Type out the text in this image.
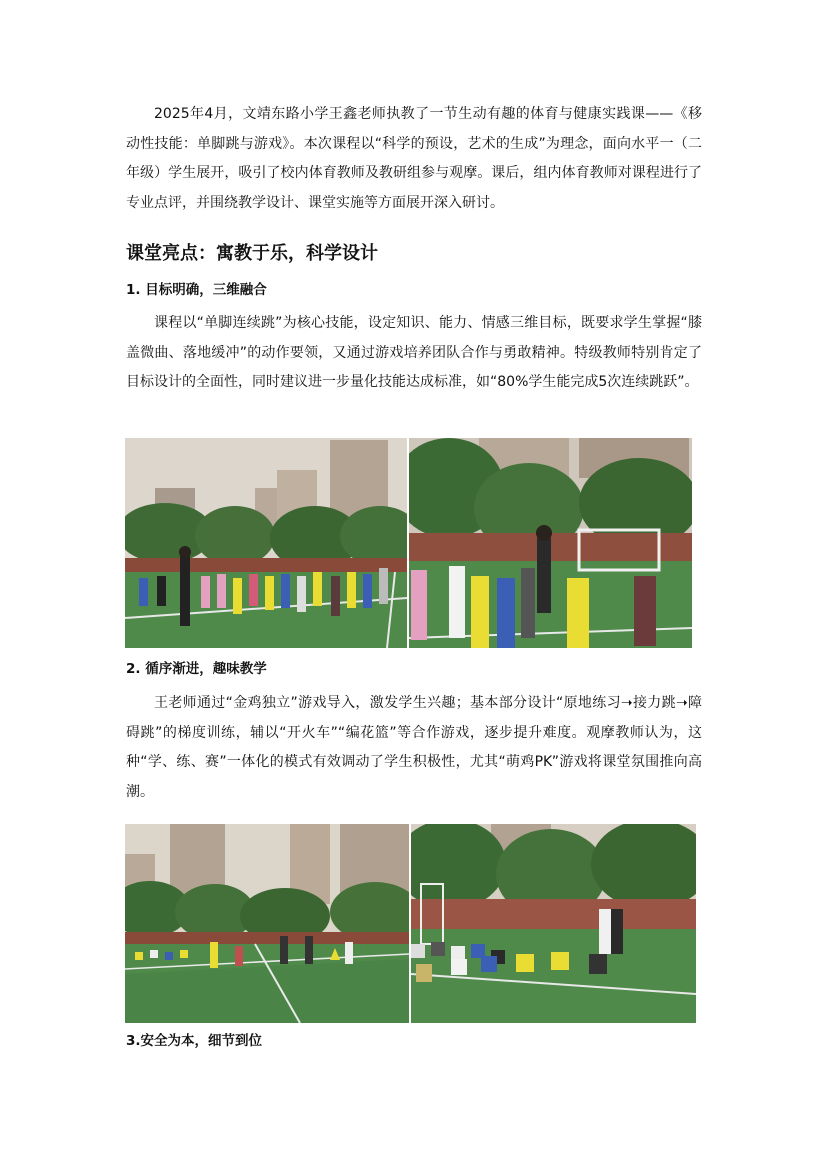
2025年4月，文靖东路小学王鑫老师执教了一节生动有趣的体育与健康实践课——《移动性技能：单脚跳与游戏》。本次课程以“科学的预设，艺术的生成”为理念，面向水平一（二年级）学生展开，吸引了校内体育教师及教研组参与观摩。课后，组内体育教师对课程进行了专业点评，并围绕教学设计、课堂实施等方面展开深入研讨。

课堂亮点：寓教于乐，科学设计
1. 目标明确，三维融合

课程以“单脚连续跳”为核心技能，设定知识、能力、情感三维目标，既要求学生掌握“膝盖微曲、落地缓冲”的动作要领，又通过游戏培养团队合作与勇敢精神。特级教师特别肯定了目标设计的全面性，同时建议进一步量化技能达成标准，如“80%学生能完成5次连续跳跃”。

2. 循序渐进，趣味教学

王老师通过“金鸡独立”游戏导入，激发学生兴趣；基本部分设计“原地练习➝接力跳➝障碍跳”的梯度训练，辅以“开火车”“编花篮”等合作游戏，逐步提升难度。观摩教师认为，这种“学、练、赛”一体化的模式有效调动了学生积极性，尤其“萌鸡PK”游戏将课堂氛围推向高潮。

3.安全为本，细节到位
